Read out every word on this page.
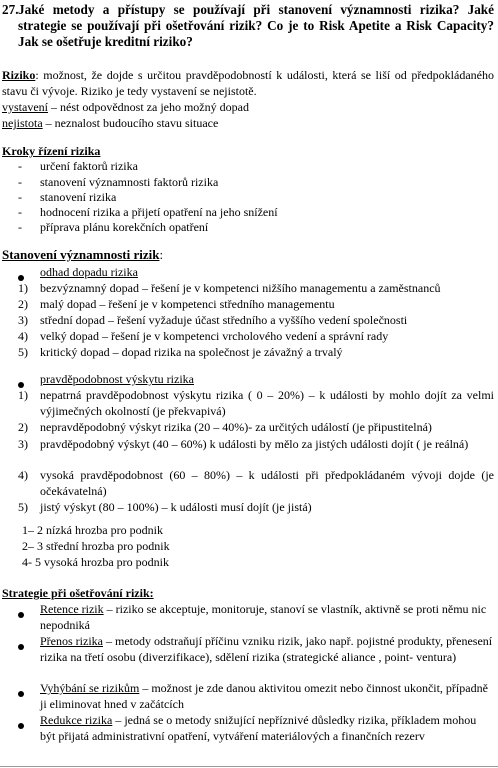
27. Jaké metody a přístupy se používají při stanovení významnosti rizika? Jaké strategie se používají při ošetřování rizik? Co je to Risk Apetite a Risk Capacity? Jak se ošetřuje kreditní riziko?
Riziko: možnost, že dojde s určitou pravděpodobností k události, která se liší od předpokládaného stavu či vývoje. Riziko je tedy vystavení se nejistotě.
vystavení – nést odpovědnost za jeho možný dopad
nejistota – neznalost budoucího stavu situace
Kroky řízení rizika
- určení faktorů rizika
- stanovení významnosti faktorů rizika
- stanovení rizika
- hodnocení rizika a přijetí opatření na jeho snížení
- příprava plánu korekčních opatření
Stanovení významnosti rizik:
odhad dopadu rizika
1) bezvýznamný dopad – řešení je v kompetenci nižšího managementu a zaměstnanců
2) malý dopad – řešení je v kompetenci středního managementu
3) střední dopad – řešení vyžaduje účast středního a vyššího vedení společnosti
4) velký dopad – řešení je v kompetenci vrcholového vedení a správní rady
5) kritický dopad – dopad rizika na společnost je závažný a trvalý
pravděpodobnost výskytu rizika
1) nepatrná pravděpodobnost výskytu rizika ( 0 – 20%) – k události by mohlo dojít za velmi výjimečných okolností (je překvapivá)
2) nepravděpodobný výskyt rizika (20 – 40%)- za určitých událostí (je připustitelná)
3) pravděpodobný výskyt (40 – 60%) k události by mělo za jistých události dojít ( je reálná)
4) vysoká pravděpodobnost (60 – 80%) – k události při předpokládaném vývoji dojde (je očekávatelná)
5) jistý výskyt (80 – 100%) – k události musí dojít (je jistá)
1– 2 nízká hrozba pro podnik
2– 3 střední hrozba pro podnik
4- 5 vysoká hrozba pro podnik
Strategie při ošetřování rizik:
Retence rizik – riziko se akceptuje, monitoruje, stanoví se vlastník, aktivně se proti němu nic nepodniká
Přenos rizika – metody odstraňují příčinu vzniku rizik, jako např. pojistné produkty, přenesení rizika na třetí osobu (diverzifikace), sdělení rizika (strategické aliance , point- ventura)
Vyhýbání se rizikům – možnost je zde danou aktivitou omezit nebo činnost ukončit, případně ji eliminovat hned v začátcích
Redukce rizika – jedná se o metody snižující nepříznivé důsledky rizika, příkladem mohou být přijatá administrativní opatření, vytváření materiálových a finančních rezerv
